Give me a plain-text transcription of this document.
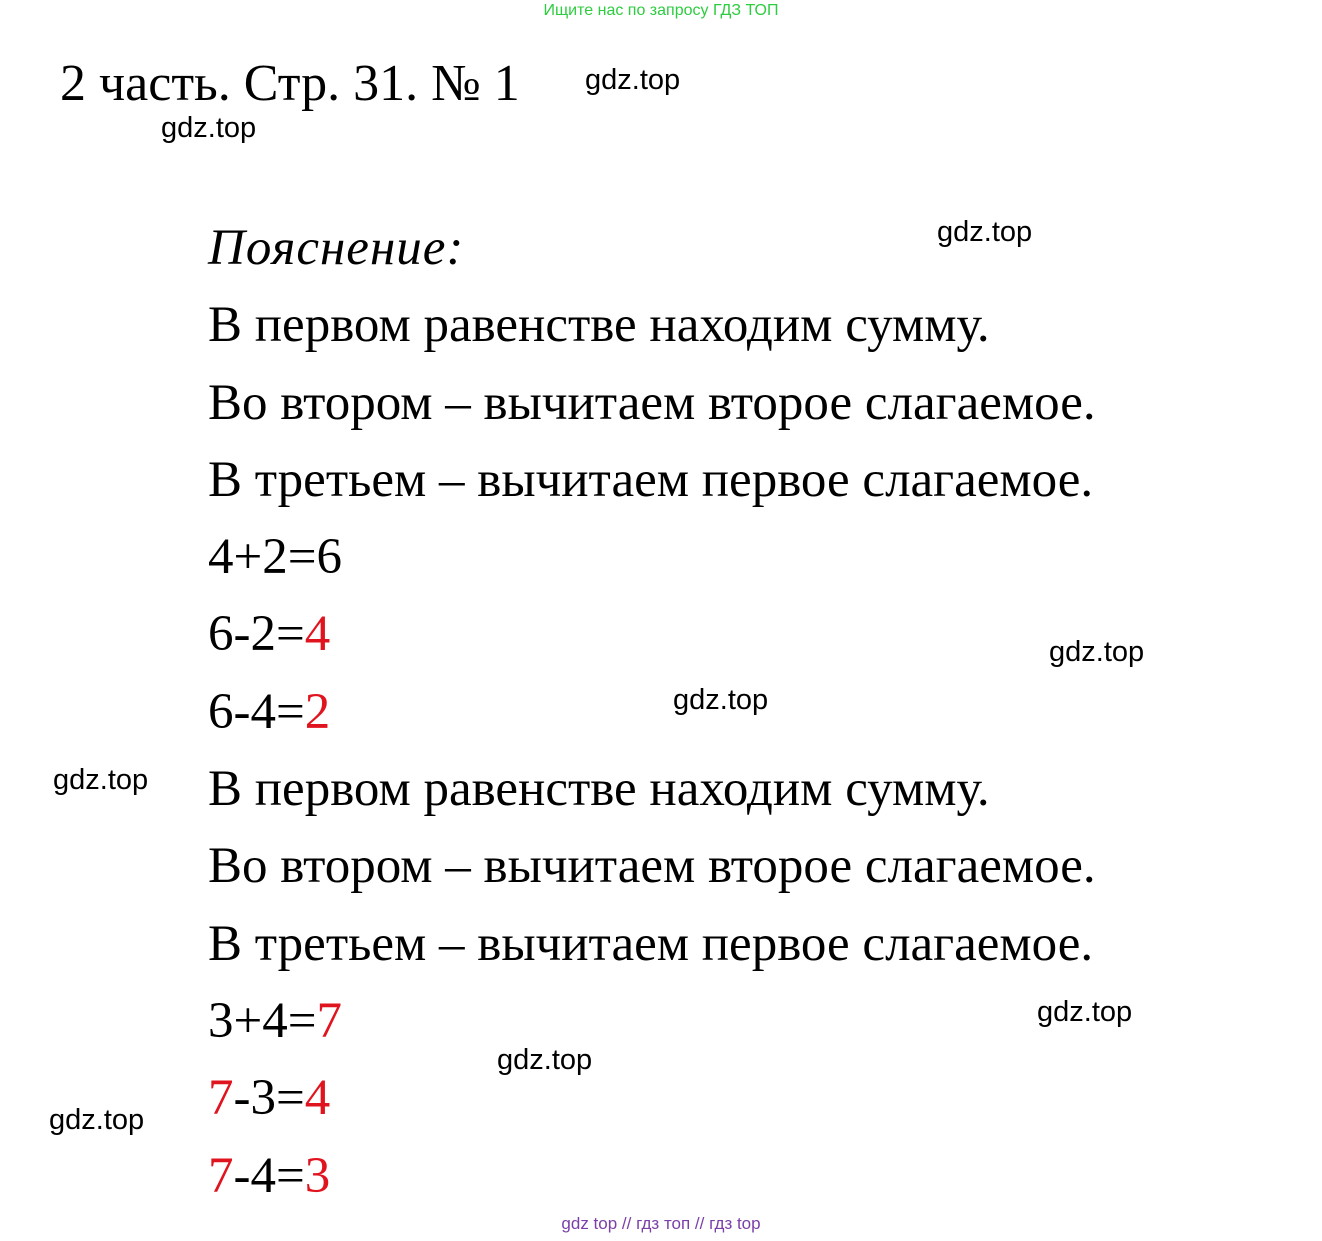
Ищите нас по запросу ГДЗ ТОП
2 часть. Стр. 31. № 1 gdz.top
gdz.top
gdz.top
gdz.top
gdz.top
gdz.top
gdz.top
gdz.top
gdz.top
Пояснение:
В первом равенстве находим сумму.
Во втором – вычитаем второе слагаемое.
В третьем – вычитаем первое слагаемое.
4+2=6
6-2=4
6-4=2
В первом равенстве находим сумму.
Во втором – вычитаем второе слагаемое.
В третьем – вычитаем первое слагаемое.
3+4=7
7-3=4
7-4=3
gdz top // гдз топ // гдз top
